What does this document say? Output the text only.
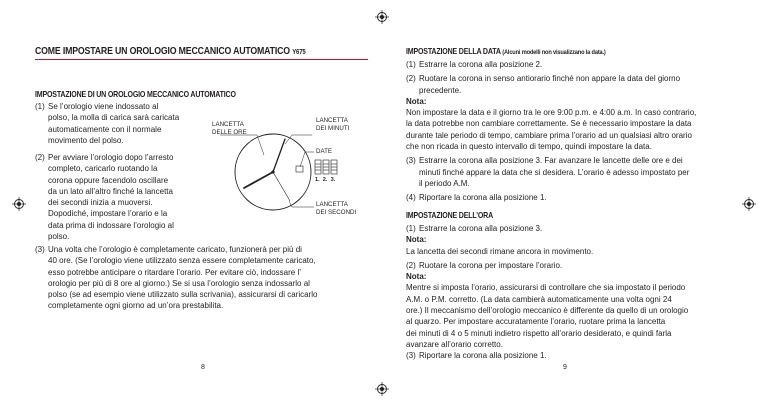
COME IMPOSTARE UN OROLOGIO MECCANICO AUTOMATICO Y675
IMPOSTAZIONE DI UN OROLOGIO MECCANICO AUTOMATICO
(1) Se l’orologio viene indossato al
polso, la molla di carica sarà caricata
automaticamente con il normale
movimento del polso.
(2) Per avviare l’orologio dopo l’arresto
completo, caricarlo ruotando la
corona oppure facendolo oscillare
da un lato all’altro finché la lancetta
dei secondi inizia a muoversi.
Dopodiché, impostare l’orario e la
data prima di indossare l’orologio al
polso.
LANCETTA
DELLE ORE
LANCETTA
DEI MINUTI
DATE
1. 2. 3.
LANCETTA
DEI SECONDI
(3) Una volta che l’orologio è completamente caricato, funzionerà per più di
40 ore. (Se l’orologio viene utilizzato senza essere completamente caricato,
esso potrebbe anticipare o ritardare l’orario. Per evitare ciò, indossare l’
orologio per più di 8 ore al giorno.) Se si usa l’orologio senza indossarlo al
polso (se ad esempio viene utilizzato sulla scrivania), assicurarsi di caricarlo
completamente ogni giorno ad un’ora prestabilita.
8
IMPOSTAZIONE DELLA DATA (Alcuni modelli non visualizzano la data.)
(1) Estrarre la corona alla posizione 2.
(2) Ruotare la corona in senso antiorario finché non appare la data del giorno
precedente.
Nota:
Non impostare la data e il giorno tra le ore 9:00 p.m. e 4:00 a.m. In caso contrario,
la data potrebbe non cambiare correttamente. Se è necessario impostare la data
durante tale periodo di tempo, cambiare prima l’orario ad un qualsiasi altro orario
che non ricada in questo intervallo di tempo, quindi impostare la data.
(3) Estrarre la corona alla posizione 3. Far avanzare le lancette delle ore e dei
minuti finché appare la data che si desidera. L’orario è adesso impostato per
il periodo A.M.
(4) Riportare la corona alla posizione 1.
IMPOSTAZIONE DELL’ORA
(1) Estrarre la corona alla posizione 3.
Nota:
La lancetta dei secondi rimane ancora in movimento.
(2) Ruotare la corona per impostare l’orario.
Nota:
Mentre si imposta l’orario, assicurarsi di controllare che sia impostato il periodo
A.M. o P.M. corretto. (La data cambierà automaticamente una volta ogni 24
ore.) Il meccanismo dell’orologio meccanico è differente da quello di un orologio
al quarzo. Per impostare accuratamente l’orario, ruotare prima la lancetta
dei minuti di 4 o 5 minuti indietro rispetto all’orario desiderato, e quindi farla
avanzare all’orario corretto.
(3) Riportare la corona alla posizione 1.
9
